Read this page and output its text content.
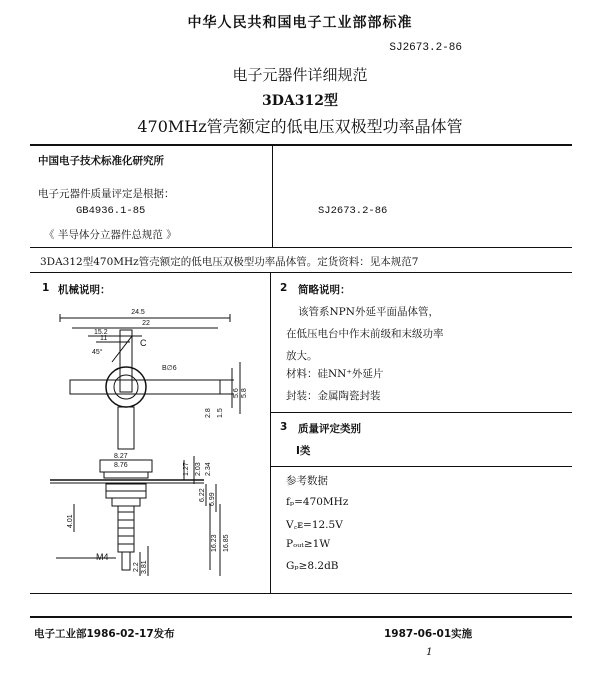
中华人民共和国电子工业部部标准
SJ2673.2-86
电子元器件详细规范
3DA312型
470MHz管壳额定的低电压双极型功率晶体管
中国电子技术标准化研究所
电子元器件质量评定是根据：
GB4936.1-85
《 半导体分立器件总规范 》
SJ2673.2-86
3DA312型470MHz管壳额定的低电压双极型功率晶体管。定货资料：见本规范7
1 机械说明：
24.5
22
15.2
11
45°
C
B∅6
2.8
5.8
5.6
1.5
8.27
8.76	1.27 2.03 2.34
6.22 6.99
4.01
16.23 16.85
2.2 3.81
M4
2 简略说明：
该管系NPN外延平面晶体管，
在低压电台中作末前级和末级功率
放大。
材料：硅NN⁺外延片
封装：金属陶瓷封装
3 质量评定类别
Ⅰ类
参考数据
fₚ=470MHz
V꜀ᴇ=12.5V
Pₒᵤₜ≥1W
Gₚ≥8.2dB
电子工业部1986-02-17发布	1987-06-01实施
1
